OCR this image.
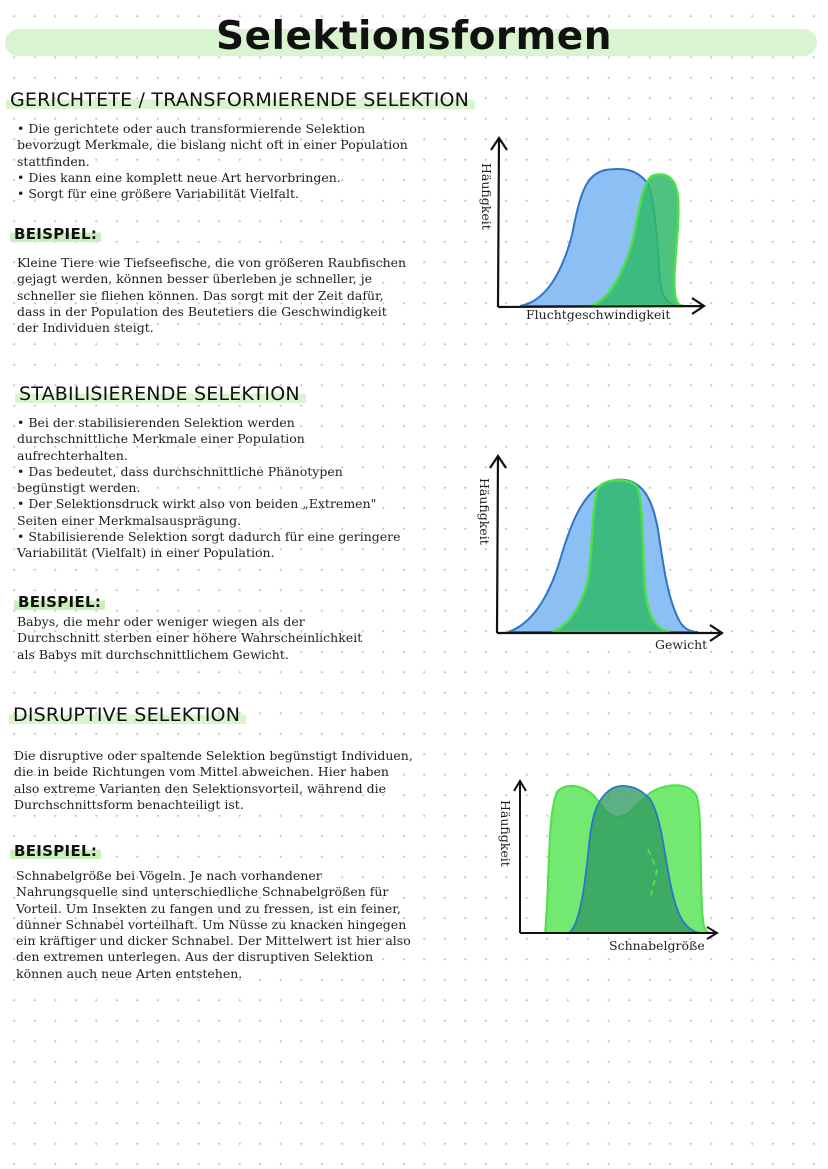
Selektionsformen
GERICHTETE / TRANSFORMIERENDE SELEKTION
• Die gerichtete oder auch transformierende Selektion
bevorzugt Merkmale, die bislang nicht oft in einer Population
stattfinden.
• Dies kann eine komplett neue Art hervorbringen.
• Sorgt für eine größere Variabilität Vielfalt.
BEISPIEL:
Kleine Tiere wie Tiefseefische, die von größeren Raubfischen
gejagt werden, können besser überleben je schneller, je
schneller sie fliehen können. Das sorgt mit der Zeit dafür,
dass in der Population des Beutetiers die Geschwindigkeit
der Individuen steigt.
Häufigkeit
Fluchtgeschwindigkeit
STABILISIERENDE SELEKTION
• Bei der stabilisierenden Selektion werden
durchschnittliche Merkmale einer Population
aufrechterhalten.
• Das bedeutet, dass durchschnittliche Phänotypen
begünstigt werden.
• Der Selektionsdruck wirkt also von beiden „Extremen"
Seiten einer Merkmalsausprägung.
• Stabilisierende Selektion sorgt dadurch für eine geringere
Variabilität (Vielfalt) in einer Population.
BEISPIEL:
Babys, die mehr oder weniger wiegen als der
Durchschnitt sterben einer höhere Wahrscheinlichkeit
als Babys mit durchschnittlichem Gewicht.
Häufigkeit
Gewicht
DISRUPTIVE SELEKTION
Die disruptive oder spaltende Selektion begünstigt Individuen,
die in beide Richtungen vom Mittel abweichen. Hier haben
also extreme Varianten den Selektionsvorteil, während die
Durchschnittsform benachteiligt ist.
BEISPIEL:
Schnabelgröße bei Vögeln. Je nach vorhandener
Nahrungsquelle sind unterschiedliche Schnabelgrößen für
Vorteil. Um Insekten zu fangen und zu fressen, ist ein feiner,
dünner Schnabel vorteilhaft. Um Nüsse zu knacken hingegen
ein kräftiger und dicker Schnabel. Der Mittelwert ist hier also
den extremen unterlegen. Aus der disruptiven Selektion
können auch neue Arten entstehen.
Häufigkeit
Schnabelgröße
